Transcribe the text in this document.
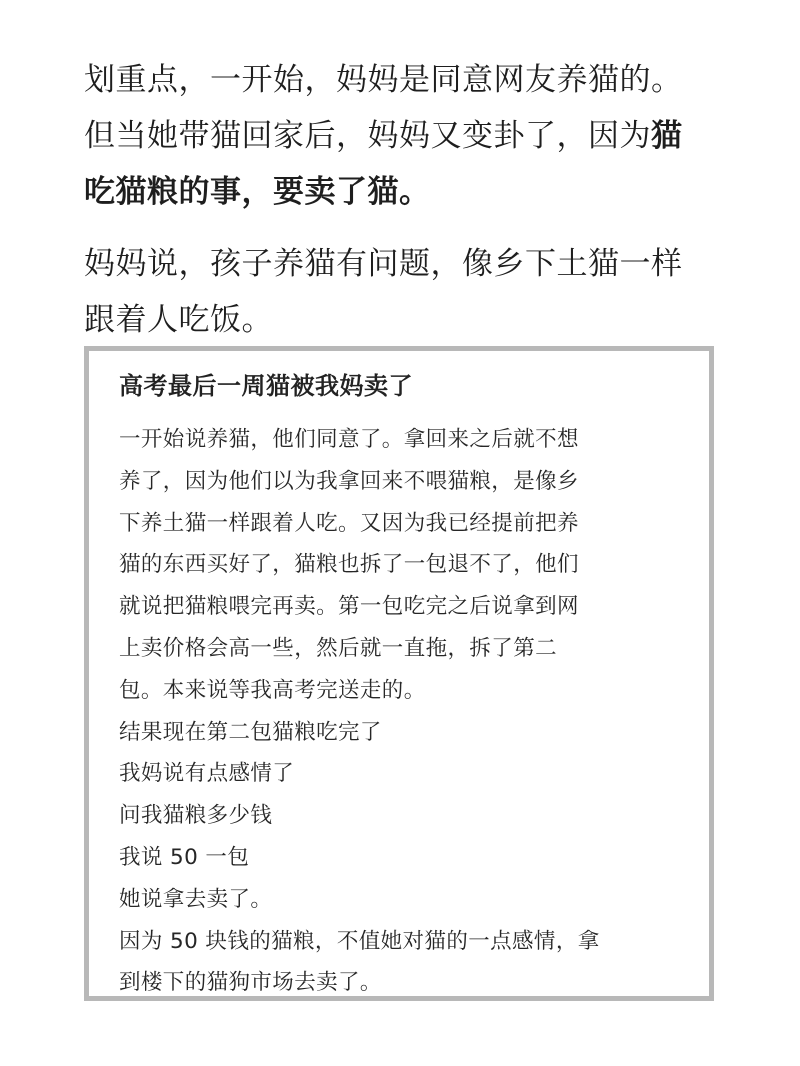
划重点，一开始，妈妈是同意网友养猫的。
但当她带猫回家后，妈妈又变卦了，因为猫
吃猫粮的事，要卖了猫。

妈妈说，孩子养猫有问题，像乡下土猫一样
跟着人吃饭。

高考最后一周猫被我妈卖了

一开始说养猫，他们同意了。拿回来之后就不想

养了，因为他们以为我拿回来不喂猫粮，是像乡

下养土猫一样跟着人吃。又因为我已经提前把养

猫的东西买好了，猫粮也拆了一包退不了，他们

就说把猫粮喂完再卖。第一包吃完之后说拿到网

上卖价格会高一些，然后就一直拖，拆了第二

包。本来说等我高考完送走的。

结果现在第二包猫粮吃完了

我妈说有点感情了

问我猫粮多少钱

我说 50 一包

她说拿去卖了。

因为 50 块钱的猫粮，不值她对猫的一点感情，拿

到楼下的猫狗市场去卖了。
